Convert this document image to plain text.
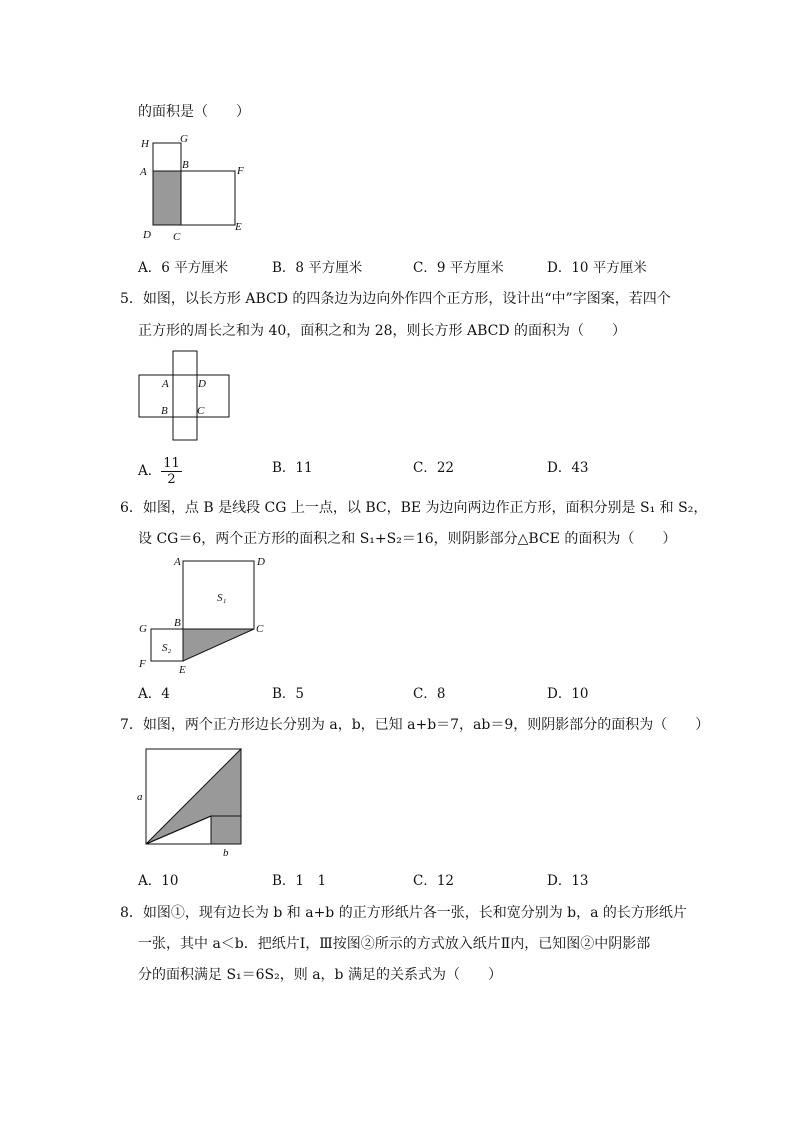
的面积是（　　）
H	G
A
B	F
D C
E
A．6 平方厘米	B．8 平方厘米	C．9 平方厘米	D．10 平方厘米
5．如图，以长方形 ABCD 的四条边为边向外作四个正方形，设计出“中”字图案，若四个
正方形的周长之和为 40，面积之和为 28，则长方形 ABCD 的面积为（　　）
A	D
B	C
A． $\frac{11}{2}$	B．11	C．22	D．43
6．如图，点 B 是线段 CG 上一点，以 BC，BE 为边向两边作正方形，面积分别是 S₁ 和 S₂，
设 CG＝6，两个正方形的面积之和 S₁+S₂＝16，则阴影部分△BCE 的面积为（　　）
A	D
S₁
G B	C
S₂
F	E
A．4	B．5	C．8	D．10
7．如图，两个正方形边长分别为 a，b，已知 a+b＝7，ab＝9，则阴影部分的面积为（　　）
a
b
A．10	B．1　1	C．12	D．13
8．如图①，现有边长为 b 和 a+b 的正方形纸片各一张，长和宽分别为 b，a 的长方形纸片
一张，其中 a＜b．把纸片Ⅰ，Ⅲ按图②所示的方式放入纸片Ⅱ内，已知图②中阴影部
分的面积满足 S₁＝6S₂，则 a，b 满足的关系式为（　　）
